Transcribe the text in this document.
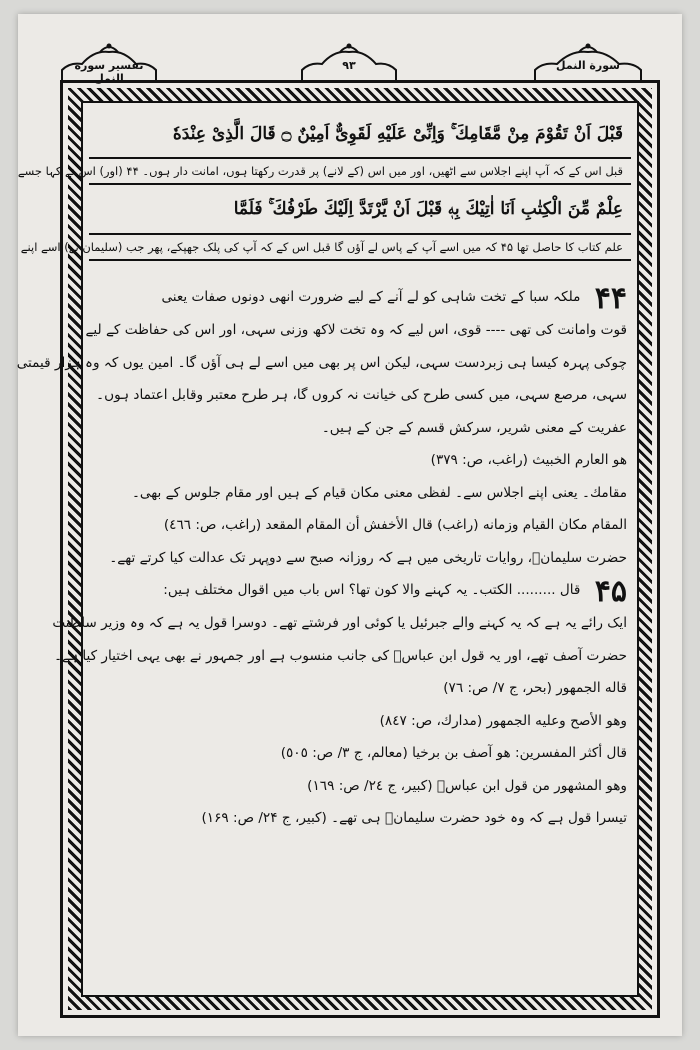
تفسير سورة النمل
٩٣	سورة النمل
قَبْلَ اَنْ تَقُوْمَ مِنْ مَّقَامِكَ ۚ وَاِنِّىْ عَلَيْهِ لَقَوِىٌّ اَمِيْنٌ ۝ قَالَ الَّذِىْ عِنْدَهٗ
قبل اس کے کہ آپ اپنے اجلاس سے اٹھیں، اور میں اس (کے لانے) پر قدرت رکھتا ہوں، امانت دار ہوں۔ ۴۴ (اور) اس نے کہا جسے
عِلْمٌ مِّنَ الْكِتٰبِ اَنَا اٰتِيْكَ بِهٖ قَبْلَ اَنْ يَّرْتَدَّ اِلَيْكَ طَرْفُكَ ۚ فَلَمَّا
علم کتاب کا حاصل تھا ۴۵ کہ میں اسے آپ کے پاس لے آؤں گا قبل اس کے کہ آپ کی پلک جھپکے، پھر جب (سلیمان نے) اسے اپنے

۴۴ ملکہ سبا کے تخت شاہی کو لے آنے کے لیے ضرورت انھی دونوں صفات یعنی

قوت وامانت کی تھی ---- قوی، اس لیے کہ وہ تخت لاکھ وزنی سہی، اور اس کی حفاظت کے لیے

چوکی پہرہ کیسا ہی زبردست سہی، لیکن اس پر بھی میں اسے لے ہی آؤں گا۔ امین یوں کہ وہ ہزار قیمتی

سہی، مرصع سہی، میں کسی طرح کی خیانت نہ کروں گا، ہر طرح معتبر وقابل اعتماد ہوں۔

عفریت کے معنی شریر، سرکش قسم کے جن کے ہیں۔

هو العارم الخبيث (راغب، ص: ٣٧٩)

مقامك۔ یعنی اپنے اجلاس سے۔ لفظی معنی مکان قیام کے ہیں اور مقام جلوس کے بھی۔

المقام مكان القيام وزمانه (راغب) قال الأخفش أن المقام المقعد (راغب، ص: ٤٦٦)

حضرت سلیمانؑ، روایات تاریخی میں ہے کہ روزانہ صبح سے دوپہر تک عدالت کیا کرتے تھے۔

۴۵ قال ......... الكتب۔ یہ کہنے والا کون تھا؟ اس باب میں اقوال مختلف ہیں:

ایک رائے یہ ہے کہ یہ کہنے والے جبرئیل یا کوئی اور فرشتے تھے۔ دوسرا قول یہ ہے کہ وہ وزیر سلطنت

حضرت آصف تھے، اور یہ قول ابن عباسؓ کی جانب منسوب ہے اور جمہور نے بھی یہی اختیار کیا ہے۔

قاله الجمهور (بحر، ج ٧/ ص: ٧٦)

وهو الأصح وعليه الجمهور (مدارك، ص: ٨٤٧)

قال أكثر المفسرين: هو آصف بن برخيا (معالم، ج ٣/ ص: ٥٠٥)

وهو المشهور من قول ابن عباسؓ (كبير، ج ٢٤/ ص: ١٦٩)

تیسرا قول ہے کہ وہ خود حضرت سلیمانؑ ہی تھے۔ (کبیر، ج ۲۴/ ص: ۱۶۹)
